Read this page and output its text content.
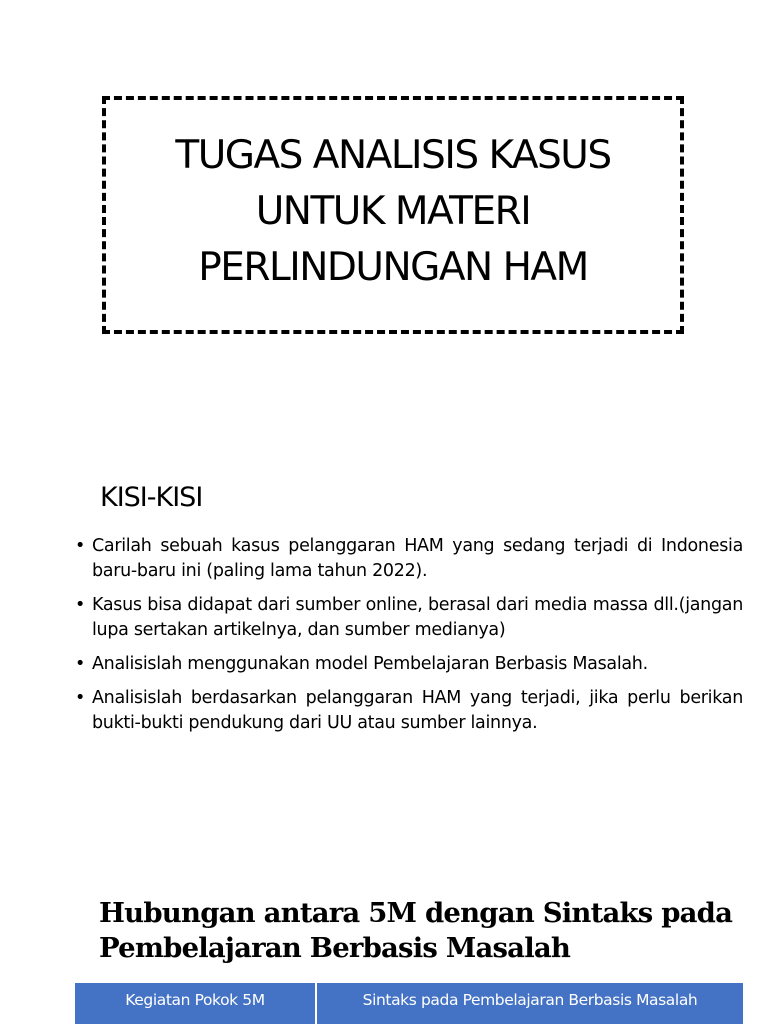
TUGAS ANALISIS KASUS
UNTUK MATERI
PERLINDUNGAN HAM
KISI-KISI
• Carilah sebuah kasus pelanggaran HAM yang sedang terjadi di Indonesia baru-baru ini (paling lama tahun 2022).
• Kasus bisa didapat dari sumber online, berasal dari media massa dll.(jangan lupa sertakan artikelnya, dan sumber medianya)
• Analisislah menggunakan model Pembelajaran Berbasis Masalah.
• Analisislah berdasarkan pelanggaran HAM yang terjadi, jika perlu berikan bukti-bukti pendukung dari UU atau sumber lainnya.
Hubungan antara 5M dengan Sintaks pada
Pembelajaran Berbasis Masalah
Kegiatan Pokok 5M	Sintaks pada Pembelajaran Berbasis Masalah
